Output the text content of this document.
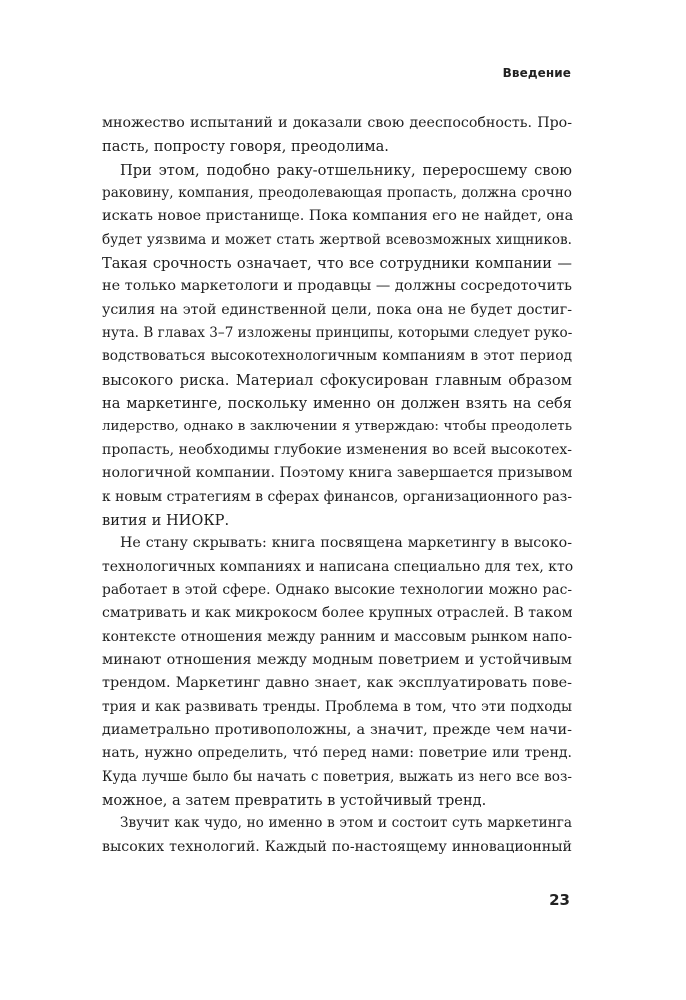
Введение
множество испытаний и доказали свою дееспособность. Про-
пасть, попросту говоря, преодолима.
При этом, подобно раку-отшельнику, переросшему свою
раковину, компания, преодолевающая пропасть, должна срочно
искать новое пристанище. Пока компания его не найдет, она
будет уязвима и может стать жертвой всевозможных хищников.
Такая срочность означает, что все сотрудники компании —
не только маркетологи и продавцы — должны сосредоточить
усилия на этой единственной цели, пока она не будет достиг-
нута. В главах 3–7 изложены принципы, которыми следует руко-
водствоваться высокотехнологичным компаниям в этот период
высокого риска. Материал сфокусирован главным образом
на маркетинге, поскольку именно он должен взять на себя
лидерство, однако в заключении я утверждаю: чтобы преодолеть
пропасть, необходимы глубокие изменения во всей высокотех-
нологичной компании. Поэтому книга завершается призывом
к новым стратегиям в сферах финансов, организационного раз-
вития и НИОКР.
Не стану скрывать: книга посвящена маркетингу в высоко-
технологичных компаниях и написана специально для тех, кто
работает в этой сфере. Однако высокие технологии можно рас-
сматривать и как микрокосм более крупных отраслей. В таком
контексте отношения между ранним и массовым рынком напо-
минают отношения между модным поветрием и устойчивым
трендом. Маркетинг давно знает, как эксплуатировать пове-
трия и как развивать тренды. Проблема в том, что эти подходы
диаметрально противоположны, а значит, прежде чем начи-
нать, нужно определить, что́ перед нами: поветрие или тренд.
Куда лучше было бы начать с поветрия, выжать из него все воз-
можное, а затем превратить в устойчивый тренд.
Звучит как чудо, но именно в этом и состоит суть маркетинга
высоких технологий. Каждый по-настоящему инновационный
23
